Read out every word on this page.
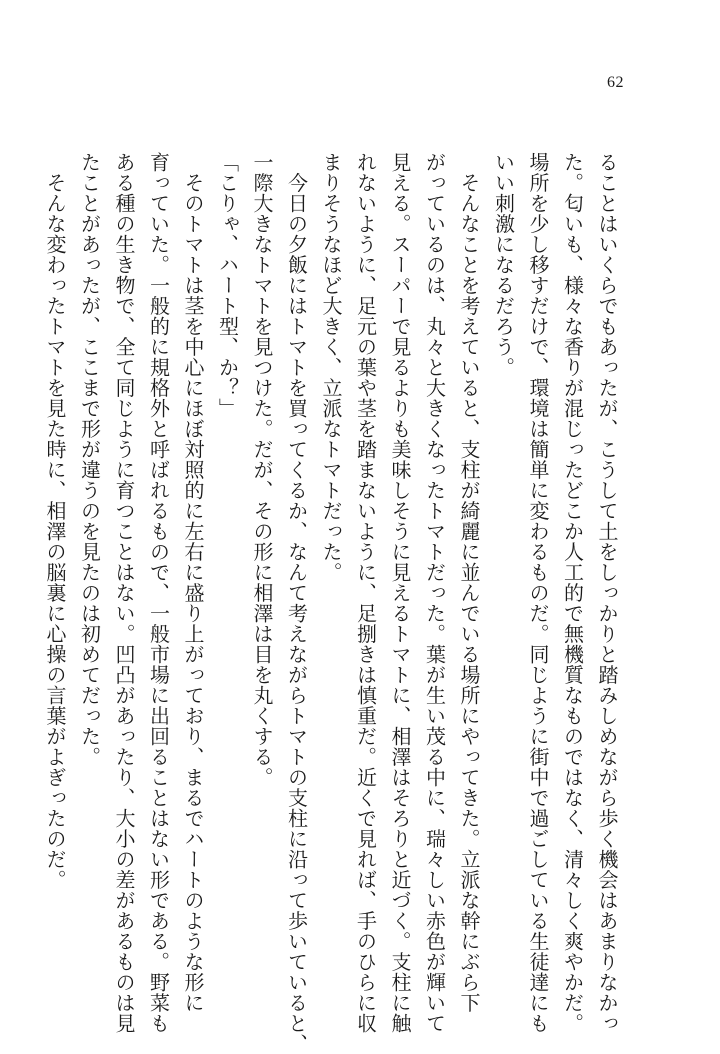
62

ることはいくらでもあったが、こうして土をしっかりと踏みしめながら歩く機会はあまりなかっ

た。匂いも、様々な香りが混じったどこか人工的で無機質なものではなく、清々しく爽やかだ。

場所を少し移すだけで、環境は簡単に変わるものだ。同じように街中で過ごしている生徒達にも

いい刺激になるだろう。

　そんなことを考えていると、支柱が綺麗に並んでいる場所にやってきた。立派な幹にぶら下

がっているのは、丸々と大きくなったトマトだった。葉が生い茂る中に、瑞々しい赤色が輝いて

見える。スーパーで見るよりも美味しそうに見えるトマトに、相澤はそろりと近づく。支柱に触

れないように、足元の葉や茎を踏まないように、足捌きは慎重だ。近くで見れば、手のひらに収

まりそうなほど大きく、立派なトマトだった。

　今日の夕飯にはトマトを買ってくるか、なんて考えながらトマトの支柱に沿って歩いていると、

一際大きなトマトを見つけた。だが、その形に相澤は目を丸くする。

「こりゃ、ハート型、か？」

　そのトマトは茎を中心にほぼ対照的に左右に盛り上がっており、まるでハートのような形に

育っていた。一般的に規格外と呼ばれるもので、一般市場に出回ることはない形である。野菜も

ある種の生き物で、全て同じように育つことはない。凹凸があったり、大小の差があるものは見

たことがあったが、ここまで形が違うのを見たのは初めてだった。

　そんな変わったトマトを見た時に、相澤の脳裏に心操の言葉がよぎったのだ。
